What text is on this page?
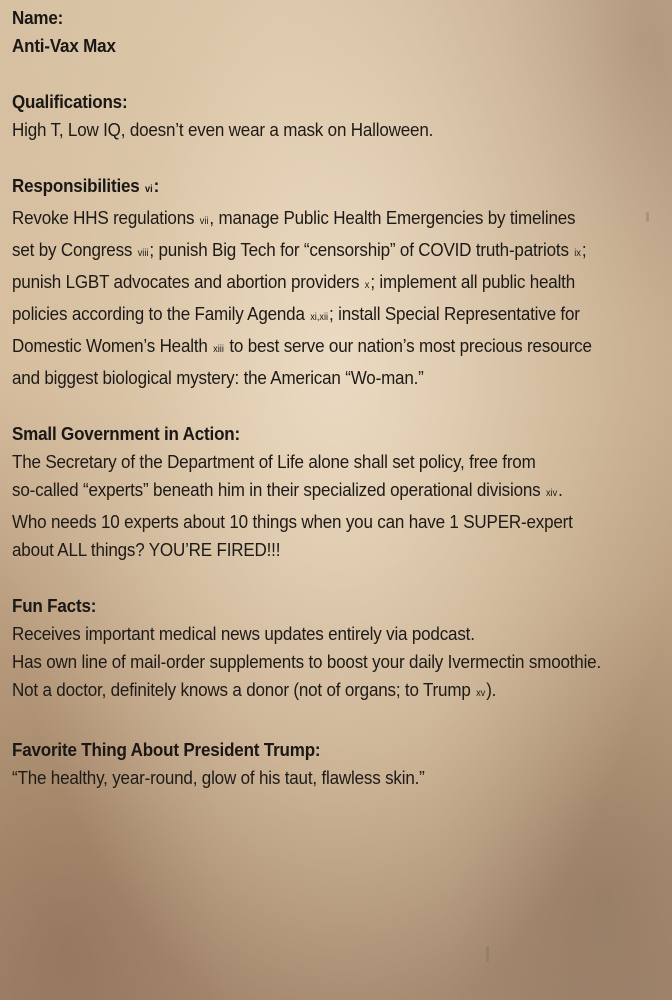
Name:
Anti-Vax Max
Qualifications:
High T, Low IQ, doesn’t even wear a mask on Halloween.
Responsibilities vi:
Revoke HHS regulations vii, manage Public Health Emergencies by timelines
set by Congress viii; punish Big Tech for “censorship” of COVID truth-patriots ix;
punish LGBT advocates and abortion providers x; implement all public health
policies according to the Family Agenda xi,xii; install Special Representative for
Domestic Women’s Health xiii to best serve our nation’s most precious resource
and biggest biological mystery: the American “Wo-man.”
Small Government in Action:
The Secretary of the Department of Life alone shall set policy, free from
so-called “experts” beneath him in their specialized operational divisions xiv.
Who needs 10 experts about 10 things when you can have 1 SUPER-expert
about ALL things? YOU’RE FIRED!!!
Fun Facts:
Receives important medical news updates entirely via podcast.
Has own line of mail-order supplements to boost your daily Ivermectin smoothie.
Not a doctor, definitely knows a donor (not of organs; to Trump xv).
Favorite Thing About President Trump:
“The healthy, year-round, glow of his taut, flawless skin.”
